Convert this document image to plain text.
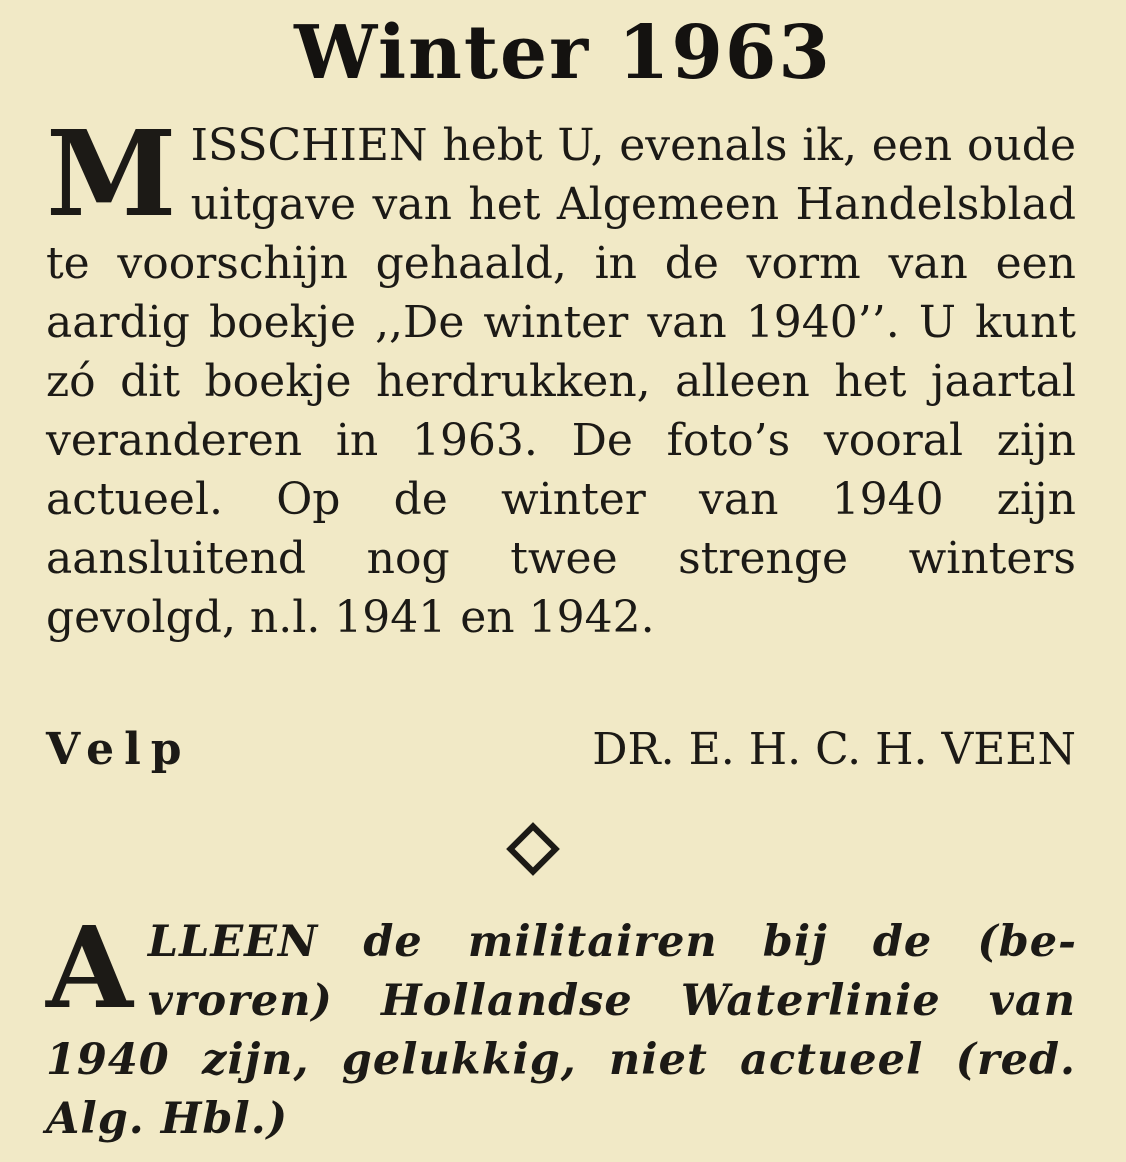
Winter 1963
MISSCHIEN hebt U, evenals ik, een oude uitgave van het Algemeen Handelsblad te voorschijn gehaald, in de vorm van een aardig boekje ,,De winter van 1940’’. U kunt zó dit boekje herdrukken, alleen het jaartal veranderen in 1963. De foto’s vooral zijn actueel. Op de winter van 1940 zijn aansluitend nog twee strenge winters gevolgd, n.l. 1941 en 1942.
Velp	DR. E. H. C. H. VEEN
ALLEEN de militairen bij de (bevroren) Hollandse Waterlinie van 1940 zijn, gelukkig, niet actueel (red. Alg. Hbl.)
